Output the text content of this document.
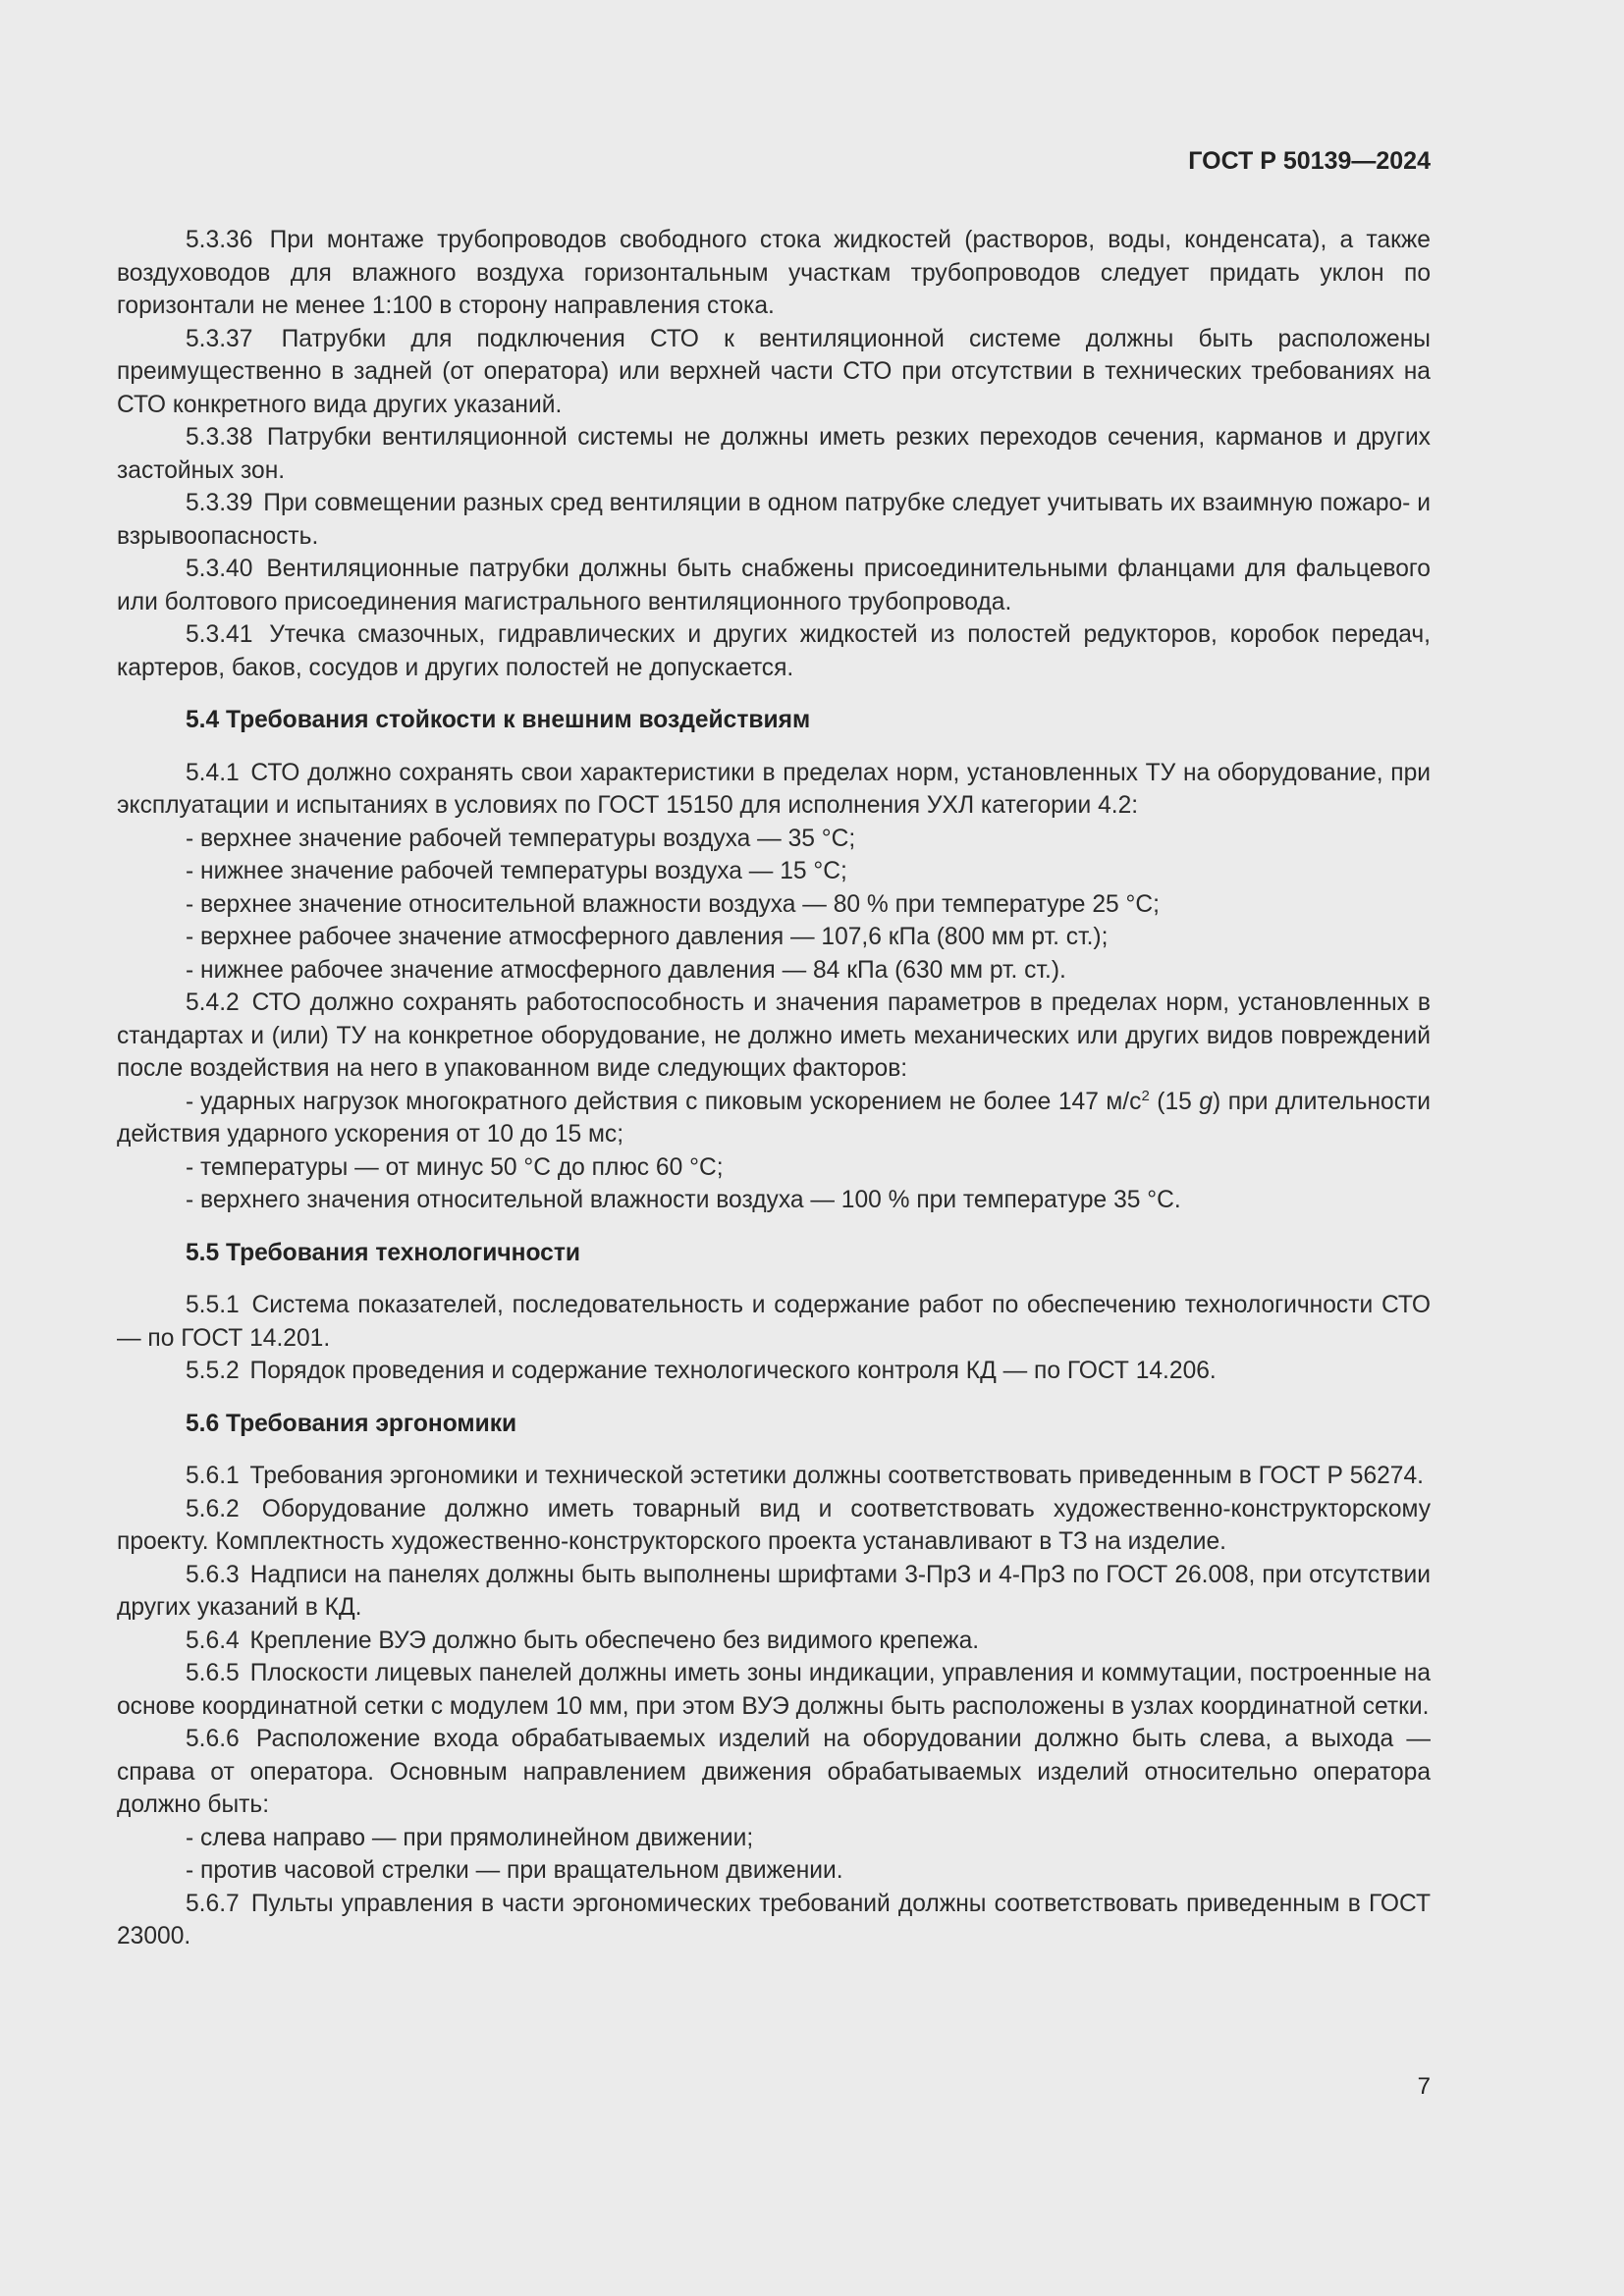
ГОСТ Р 50139—2024

5.3.36 При монтаже трубопроводов свободного стока жидкостей (растворов, воды, конденсата), а также воздуховодов для влажного воздуха горизонтальным участкам трубопроводов следует придать уклон по горизонтали не менее 1:100 в сторону направления стока.

5.3.37 Патрубки для подключения СТО к вентиляционной системе должны быть расположены преимущественно в задней (от оператора) или верхней части СТО при отсутствии в технических требованиях на СТО конкретного вида других указаний.

5.3.38 Патрубки вентиляционной системы не должны иметь резких переходов сечения, карманов и других застойных зон.

5.3.39 При совмещении разных сред вентиляции в одном патрубке следует учитывать их взаимную пожаро- и взрывоопасность.

5.3.40 Вентиляционные патрубки должны быть снабжены присоединительными фланцами для фальцевого или болтового присоединения магистрального вентиляционного трубопровода.

5.3.41 Утечка смазочных, гидравлических и других жидкостей из полостей редукторов, коробок передач, картеров, баков, сосудов и других полостей не допускается.

5.4 Требования стойкости к внешним воздействиям

5.4.1 СТО должно сохранять свои характеристики в пределах норм, установленных ТУ на оборудование, при эксплуатации и испытаниях в условиях по ГОСТ 15150 для исполнения УХЛ категории 4.2:

- верхнее значение рабочей температуры воздуха — 35 °С;

- нижнее значение рабочей температуры воздуха — 15 °С;

- верхнее значение относительной влажности воздуха — 80 % при температуре 25 °С;

- верхнее рабочее значение атмосферного давления — 107,6 кПа (800 мм рт. ст.);

- нижнее рабочее значение атмосферного давления — 84 кПа (630 мм рт. ст.).

5.4.2 СТО должно сохранять работоспособность и значения параметров в пределах норм, установленных в стандартах и (или) ТУ на конкретное оборудование, не должно иметь механических или других видов повреждений после воздействия на него в упакованном виде следующих факторов:

- ударных нагрузок многократного действия с пиковым ускорением не более 147 $м/с^2$ (15 g) при длительности действия ударного ускорения от 10 до 15 мс;

- температуры — от минус 50 °С до плюс 60 °С;

- верхнего значения относительной влажности воздуха — 100 % при температуре 35 °С.

5.5 Требования технологичности

5.5.1 Система показателей, последовательность и содержание работ по обеспечению технологичности СТО — по ГОСТ 14.201.

5.5.2 Порядок проведения и содержание технологического контроля КД — по ГОСТ 14.206.

5.6 Требования эргономики

5.6.1 Требования эргономики и технической эстетики должны соответствовать приведенным в ГОСТ Р 56274.

5.6.2 Оборудование должно иметь товарный вид и соответствовать художественно-конструкторскому проекту. Комплектность художественно-конструкторского проекта устанавливают в ТЗ на изделие.

5.6.3 Надписи на панелях должны быть выполнены шрифтами 3-ПрЗ и 4-ПрЗ по ГОСТ 26.008, при отсутствии других указаний в КД.

5.6.4 Крепление ВУЭ должно быть обеспечено без видимого крепежа.

5.6.5 Плоскости лицевых панелей должны иметь зоны индикации, управления и коммутации, построенные на основе координатной сетки с модулем 10 мм, при этом ВУЭ должны быть расположены в узлах координатной сетки.

5.6.6 Расположение входа обрабатываемых изделий на оборудовании должно быть слева, а выхода — справа от оператора. Основным направлением движения обрабатываемых изделий относительно оператора должно быть:

- слева направо — при прямолинейном движении;

- против часовой стрелки — при вращательном движении.

5.6.7 Пульты управления в части эргономических требований должны соответствовать приведенным в ГОСТ 23000.

7
